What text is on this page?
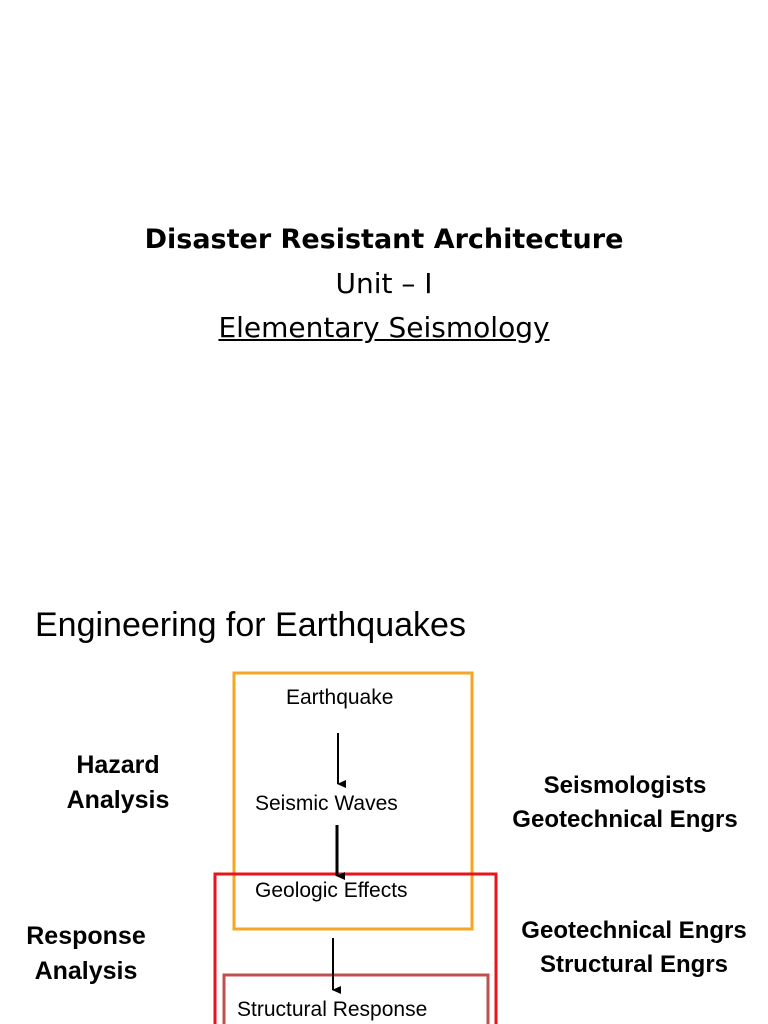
Disaster Resistant Architecture
Unit – I
Elementary Seismology
Engineering for Earthquakes
Earthquake
Seismic Waves
Geologic Effects
Structural Response
Hazard
Analysis
Response
Analysis
Seismologists
Geotechnical Engrs
Geotechnical Engrs
Structural Engrs
